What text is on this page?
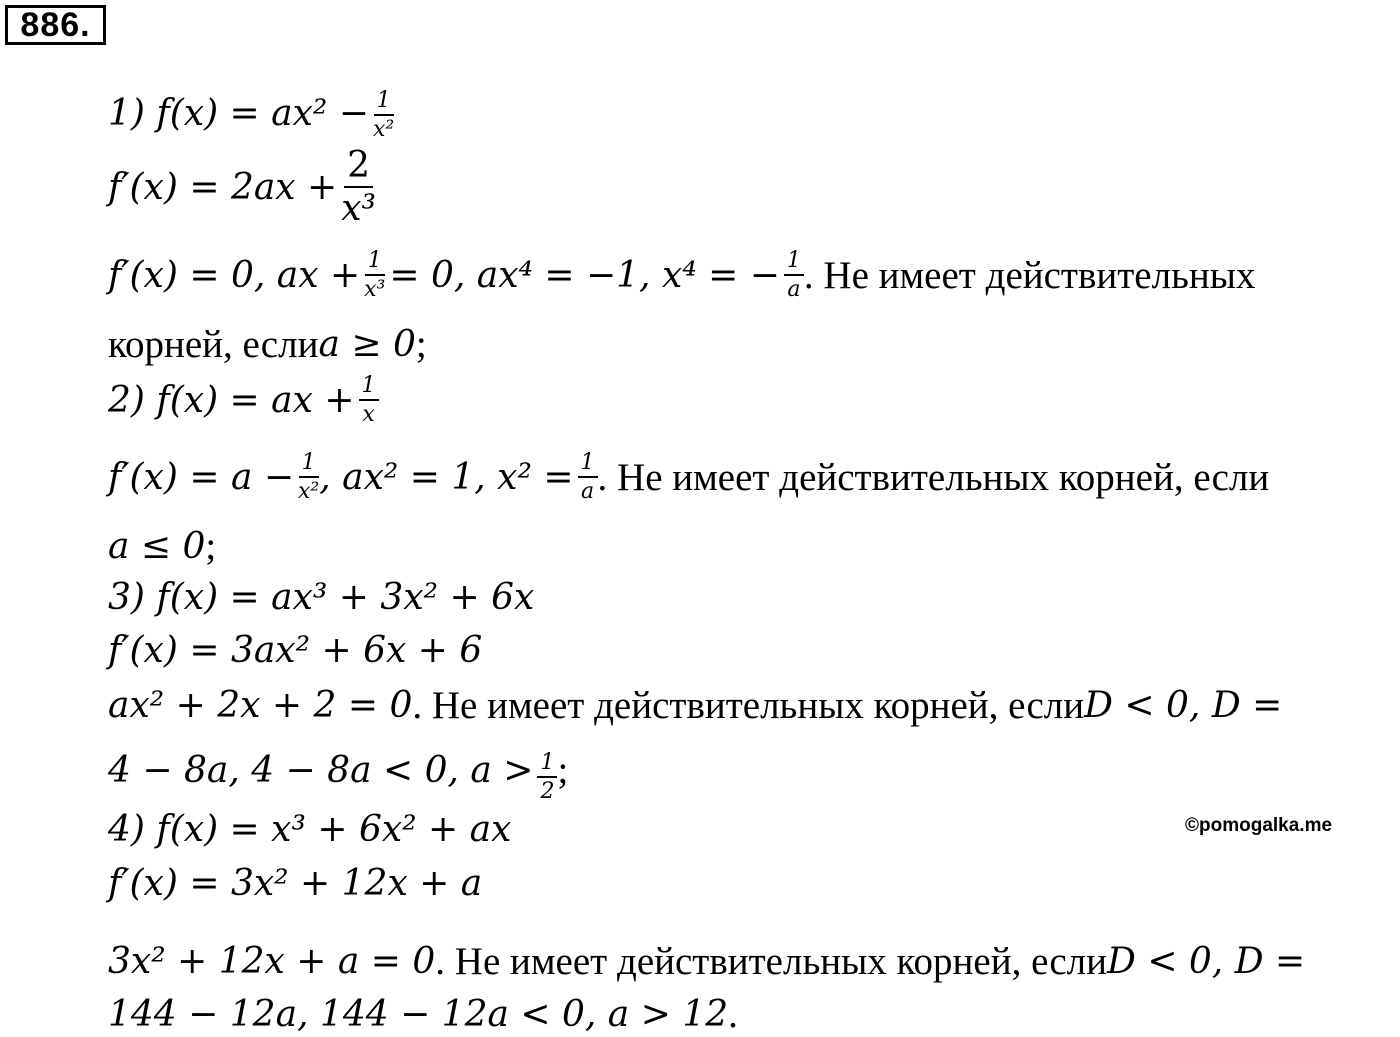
886.
1) $f(x) = ax^2 - \frac{1}{\text{x²}}$
$f'(x) = 2ax + \frac{2}{\text{x³}}$
f′(x) = 0, ax + $\frac{1}{\text{x³}} = 0$, ax⁴ = −1, x⁴ = − $\frac{1}{a}$ . Не имеет действительных
корней, если a ≥ 0 ;
2) f(x) = ax + $\frac{1}{x}$
$f'(x) = a - \frac{1}{\text{x²}}$ , ax² = 1, $x^2 = \frac{1}{a}$ . Не имеет действительных корней, если
a ≤ 0 ;
3) f(x) = ax³ + 3x² + 6x
f′(x) = 3ax² + 6x + 6
ax² + 2x + 2 = 0 . Не имеет действительных корней, если D < 0, D =
4 − 8a, 4 − 8a < 0, $a > \frac{1}{2}$ ;
4) f(x) = x³ + 6x² + ax
f′(x) = 3x² + 12x + a
3x² + 12x + a = 0 . Не имеет действительных корней, если D < 0, D =
144 − 12a, 144 − 12a < 0, a > 12 .
©pomogalka.me
